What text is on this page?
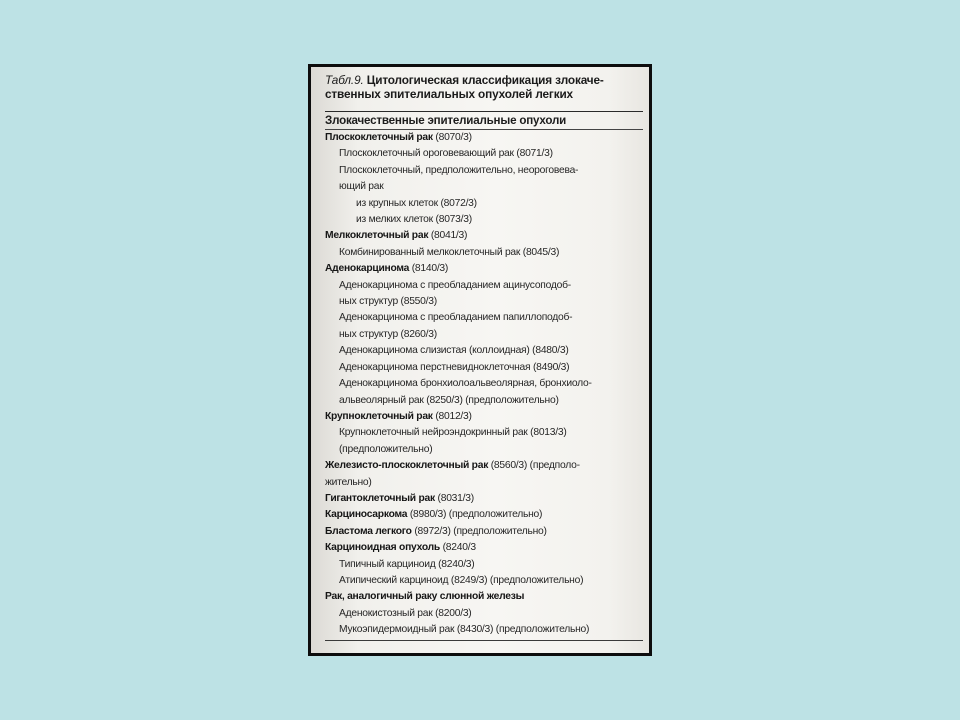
Табл.9. Цитологическая классификация злокаче-
ственных эпителиальных опухолей легких
Злокачественные эпителиальные опухоли
Плоскоклеточный рак (8070/3)
Плоскоклеточный ороговевающий рак (8071/3)
Плоскоклеточный, предположительно, неороговева-
ющий рак
из крупных клеток (8072/3)
из мелких клеток (8073/3)
Мелкоклеточный рак (8041/3)
Комбинированный мелкоклеточный рак (8045/3)
Аденокарцинома (8140/3)
Аденокарцинома с преобладанием ацинусоподоб-
ных структур (8550/3)
Аденокарцинома с преобладанием папиллоподоб-
ных структур (8260/3)
Аденокарцинома слизистая (коллоидная) (8480/3)
Аденокарцинома перстневидноклеточная (8490/3)
Аденокарцинома бронхиолоальвеолярная, бронхиоло-
альвеолярный рак (8250/3) (предположительно)
Крупноклеточный рак (8012/3)
Крупноклеточный нейроэндокринный рак (8013/3)
(предположительно)
Железисто-плоскоклеточный рак (8560/3) (предполо-
жительно)
Гигантоклеточный рак (8031/3)
Карциносаркома (8980/3) (предположительно)
Бластома легкого (8972/3) (предположительно)
Карциноидная опухоль (8240/3
Типичный карциноид (8240/3)
Атипический карциноид (8249/3) (предположительно)
Рак, аналогичный раку слюнной железы
Аденокистозный рак (8200/3)
Мукоэпидермоидный рак (8430/3) (предположительно)
